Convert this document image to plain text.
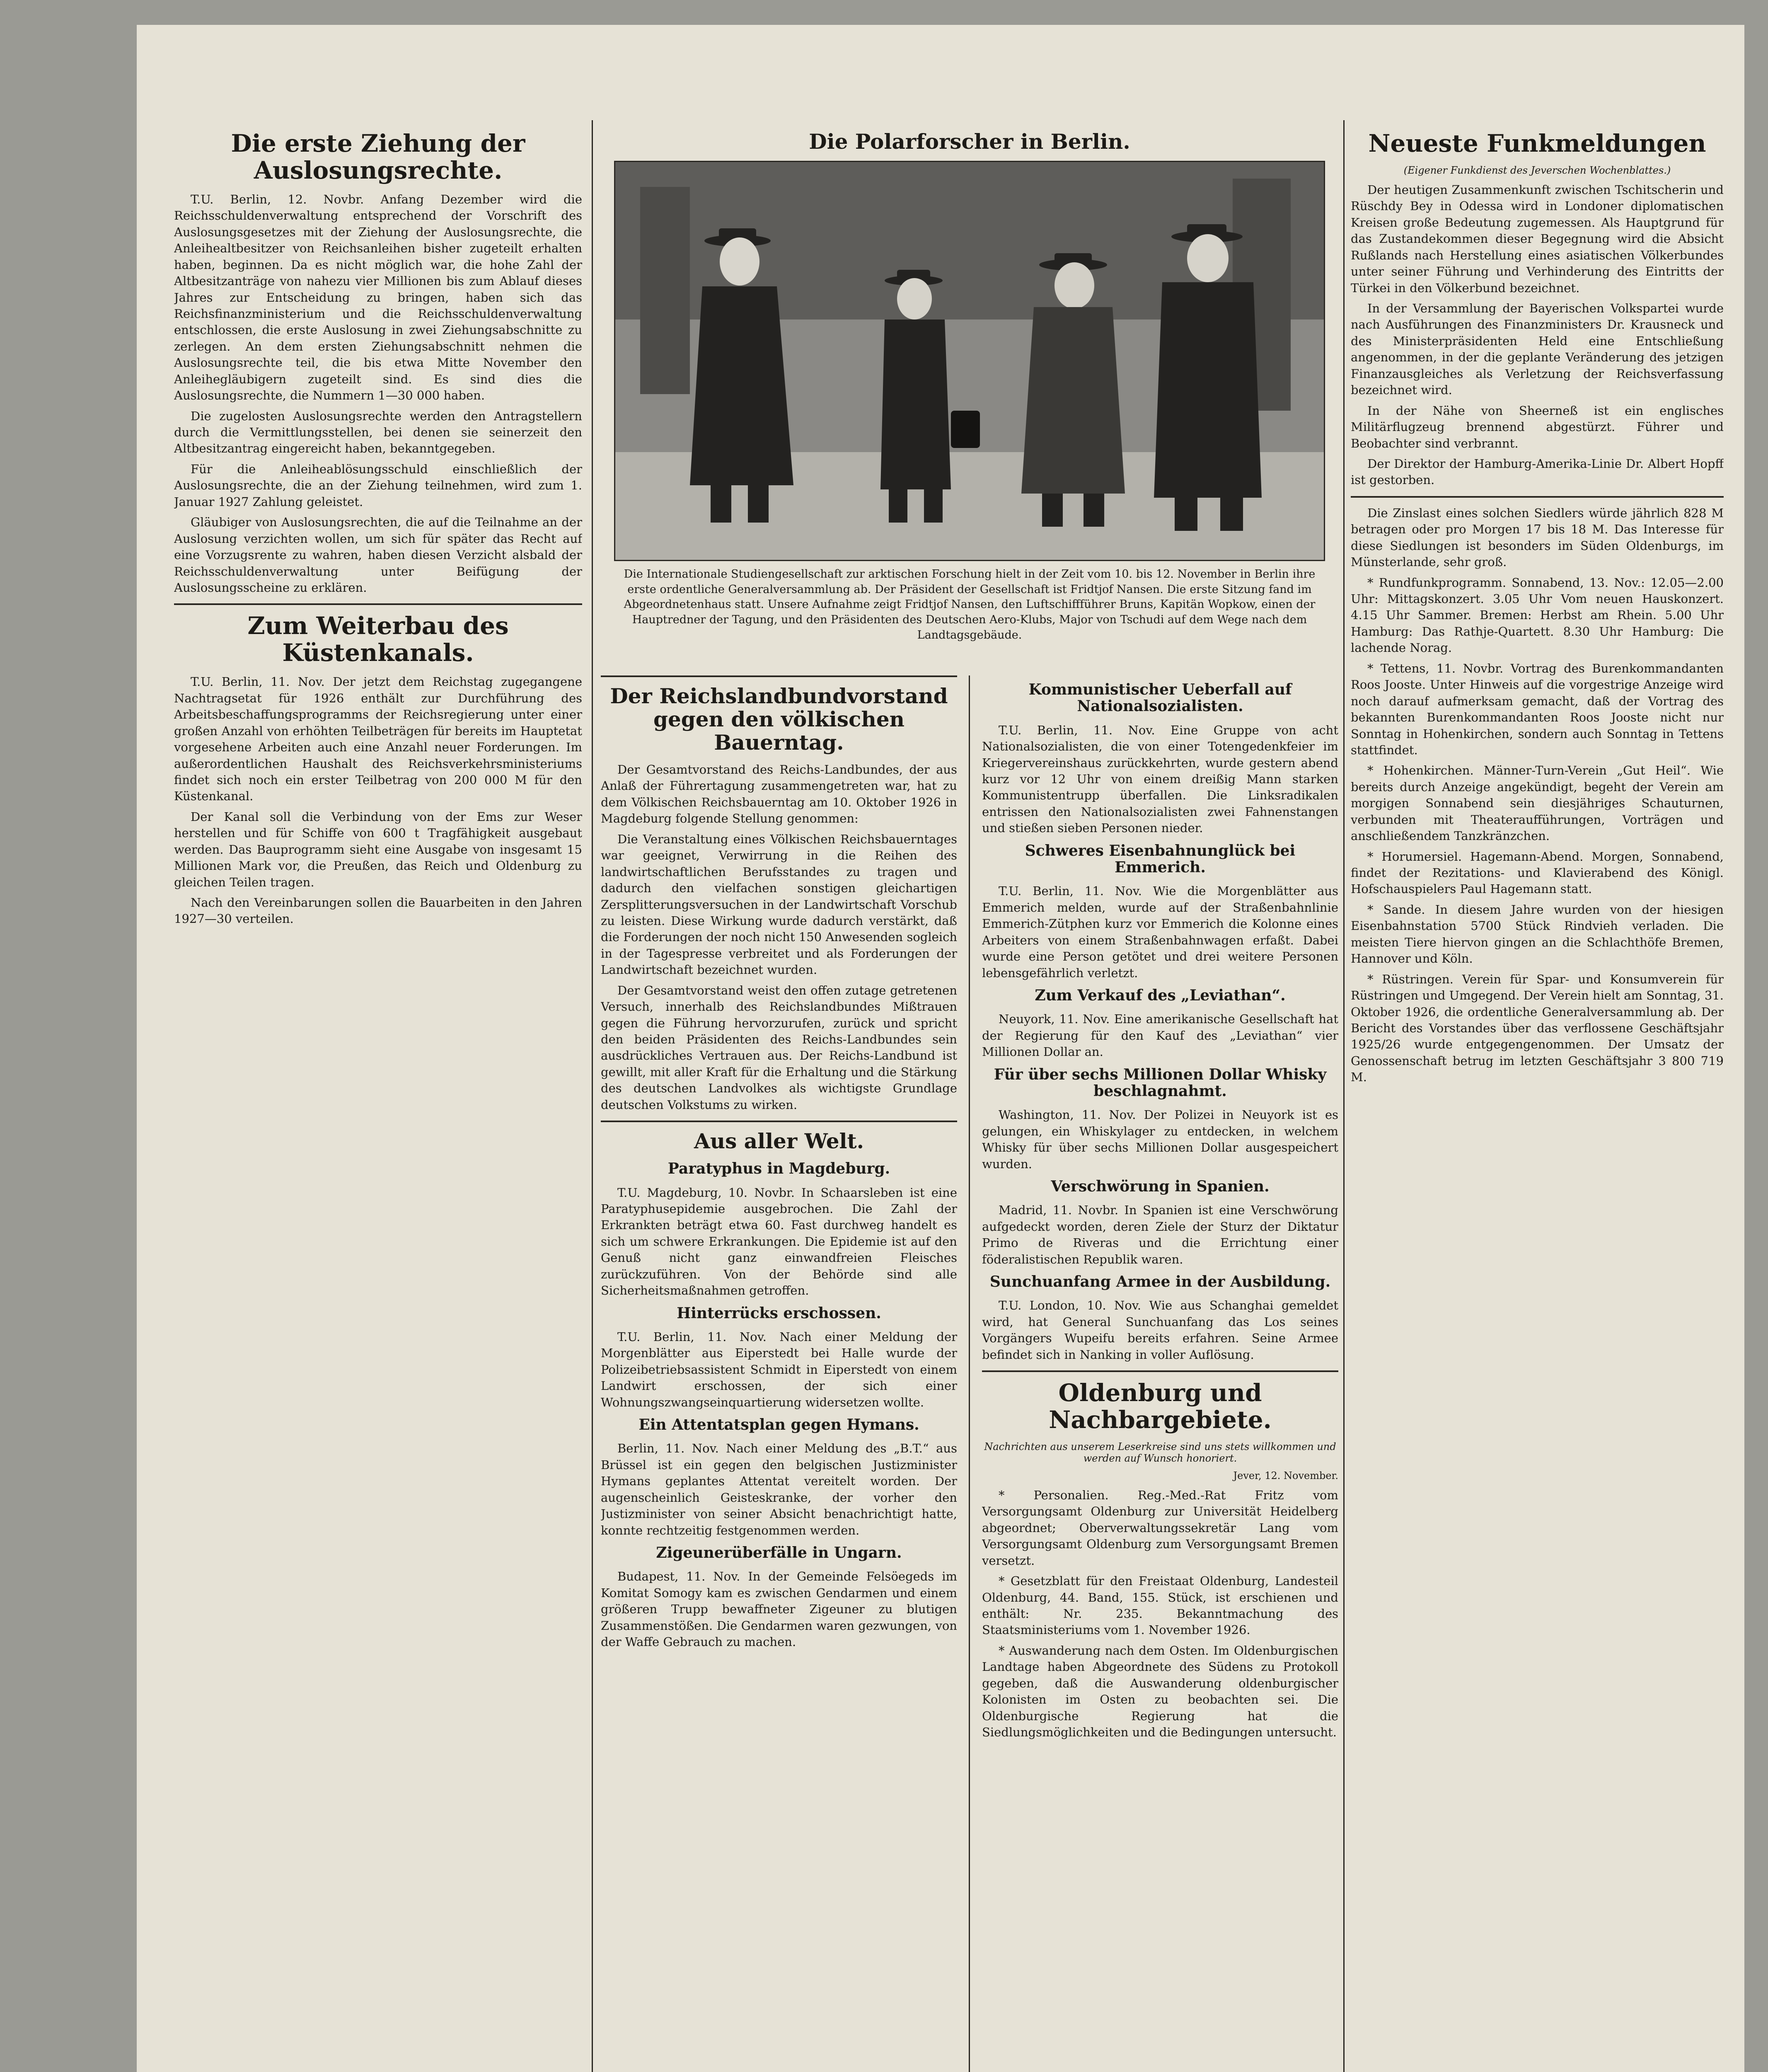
Die erste Ziehung der Auslosungsrechte.

T.U. Berlin, 12. Novbr. Anfang Dezember wird die Reichsschuldenverwaltung entsprechend der Vorschrift des Auslosungsgesetzes mit der Ziehung der Auslosungsrechte, die Anleihealtbesitzer von Reichsanleihen bisher zugeteilt erhalten haben, beginnen. Da es nicht möglich war, die hohe Zahl der Altbesitzanträge von nahezu vier Millionen bis zum Ablauf dieses Jahres zur Entscheidung zu bringen, haben sich das Reichsfinanzministerium und die Reichsschuldenverwaltung entschlossen, die erste Auslosung in zwei Ziehungsabschnitte zu zerlegen. An dem ersten Ziehungsabschnitt nehmen die Auslosungsrechte teil, die bis etwa Mitte November den Anleihegläubigern zugeteilt sind. Es sind dies die Auslosungsrechte, die Nummern 1—30 000 haben.

Die zugelosten Auslosungsrechte werden den Antragstellern durch die Vermittlungsstellen, bei denen sie seinerzeit den Altbesitzantrag eingereicht haben, bekanntgegeben.

Für die Anleiheablösungsschuld einschließlich der Auslosungsrechte, die an der Ziehung teilnehmen, wird zum 1. Januar 1927 Zahlung geleistet.

Gläubiger von Auslosungsrechten, die auf die Teilnahme an der Auslosung verzichten wollen, um sich für später das Recht auf eine Vorzugsrente zu wahren, haben diesen Verzicht alsbald der Reichsschuldenverwaltung unter Beifügung der Auslosungsscheine zu erklären.

Zum Weiterbau des Küstenkanals.

T.U. Berlin, 11. Nov. Der jetzt dem Reichstag zugegangene Nachtragsetat für 1926 enthält zur Durchführung des Arbeitsbeschaffungsprogramms der Reichsregierung unter einer großen Anzahl von erhöhten Teilbeträgen für bereits im Hauptetat vorgesehene Arbeiten auch eine Anzahl neuer Forderungen. Im außerordentlichen Haushalt des Reichsverkehrsministeriums findet sich noch ein erster Teilbetrag von 200 000 M für den Küstenkanal.

Der Kanal soll die Verbindung von der Ems zur Weser herstellen und für Schiffe von 600 t Tragfähigkeit ausgebaut werden. Das Bauprogramm sieht eine Ausgabe von insgesamt 15 Millionen Mark vor, die Preußen, das Reich und Oldenburg zu gleichen Teilen tragen.

Nach den Vereinbarungen sollen die Bauarbeiten in den Jahren 1927—30 verteilen.

Die Polarforscher in Berlin.
Die Internationale Studiengesellschaft zur arktischen Forschung hielt in der Zeit vom 10. bis 12. November in Berlin ihre erste ordentliche Generalversammlung ab. Der Präsident der Gesellschaft ist Fridtjof Nansen. Die erste Sitzung fand im Abgeordnetenhaus statt. Unsere Aufnahme zeigt Fridtjof Nansen, den Luftschiffführer Bruns, Kapitän Wopkow, einen der Hauptredner der Tagung, und den Präsidenten des Deutschen Aero-Klubs, Major von Tschudi auf dem Wege nach dem Landtagsgebäude.
Der Reichslandbundvorstand gegen den völkischen Bauerntag.

Der Gesamtvorstand des Reichs-Landbundes, der aus Anlaß der Führertagung zusammengetreten war, hat zu dem Völkischen Reichsbauerntag am 10. Oktober 1926 in Magdeburg folgende Stellung genommen:

Die Veranstaltung eines Völkischen Reichsbauerntages war geeignet, Verwirrung in die Reihen des landwirtschaftlichen Berufsstandes zu tragen und dadurch den vielfachen sonstigen gleichartigen Zersplitterungsversuchen in der Landwirtschaft Vorschub zu leisten. Diese Wirkung wurde dadurch verstärkt, daß die Forderungen der noch nicht 150 Anwesenden sogleich in der Tagespresse verbreitet und als Forderungen der Landwirtschaft bezeichnet wurden.

Der Gesamtvorstand weist den offen zutage getretenen Versuch, innerhalb des Reichslandbundes Mißtrauen gegen die Führung hervorzurufen, zurück und spricht den beiden Präsidenten des Reichs-Landbundes sein ausdrückliches Vertrauen aus. Der Reichs-Landbund ist gewillt, mit aller Kraft für die Erhaltung und die Stärkung des deutschen Landvolkes als wichtigste Grundlage deutschen Volkstums zu wirken.

Aus aller Welt.
Paratyphus in Magdeburg.

T.U. Magdeburg, 10. Novbr. In Schaarsleben ist eine Paratyphusepidemie ausgebrochen. Die Zahl der Erkrankten beträgt etwa 60. Fast durchweg handelt es sich um schwere Erkrankungen. Die Epidemie ist auf den Genuß nicht ganz einwandfreien Fleisches zurückzuführen. Von der Behörde sind alle Sicherheitsmaßnahmen getroffen.

Hinterrücks erschossen.

T.U. Berlin, 11. Nov. Nach einer Meldung der Morgenblätter aus Eiperstedt bei Halle wurde der Polizeibetriebsassistent Schmidt in Eiperstedt von einem Landwirt erschossen, der sich einer Wohnungszwangseinquartierung widersetzen wollte.

Ein Attentatsplan gegen Hymans.

Berlin, 11. Nov. Nach einer Meldung des „B.T.“ aus Brüssel ist ein gegen den belgischen Justizminister Hymans geplantes Attentat vereitelt worden. Der augenscheinlich Geisteskranke, der vorher den Justizminister von seiner Absicht benachrichtigt hatte, konnte rechtzeitig festgenommen werden.

Zigeunerüberfälle in Ungarn.

Budapest, 11. Nov. In der Gemeinde Felsöegeds im Komitat Somogy kam es zwischen Gendarmen und einem größeren Trupp bewaffneter Zigeuner zu blutigen Zusammenstößen. Die Gendarmen waren gezwungen, von der Waffe Gebrauch zu machen.

Kommunistischer Ueberfall auf Nationalsozialisten.

T.U. Berlin, 11. Nov. Eine Gruppe von acht Nationalsozialisten, die von einer Totengedenkfeier im Kriegervereinshaus zurückkehrten, wurde gestern abend kurz vor 12 Uhr von einem dreißig Mann starken Kommunistentrupp überfallen. Die Linksradikalen entrissen den Nationalsozialisten zwei Fahnenstangen und stießen sieben Personen nieder.

Schweres Eisenbahnunglück bei Emmerich.

T.U. Berlin, 11. Nov. Wie die Morgenblätter aus Emmerich melden, wurde auf der Straßenbahnlinie Emmerich-Zütphen kurz vor Emmerich die Kolonne eines Arbeiters von einem Straßenbahnwagen erfaßt. Dabei wurde eine Person getötet und drei weitere Personen lebensgefährlich verletzt.

Zum Verkauf des „Leviathan“.

Neuyork, 11. Nov. Eine amerikanische Gesellschaft hat der Regierung für den Kauf des „Leviathan“ vier Millionen Dollar an.

Für über sechs Millionen Dollar Whisky beschlagnahmt.

Washington, 11. Nov. Der Polizei in Neuyork ist es gelungen, ein Whiskylager zu entdecken, in welchem Whisky für über sechs Millionen Dollar ausgespeichert wurden.

Verschwörung in Spanien.

Madrid, 11. Novbr. In Spanien ist eine Verschwörung aufgedeckt worden, deren Ziele der Sturz der Diktatur Primo de Riveras und die Errichtung einer föderalistischen Republik waren.

Sunchuanfang Armee in der Ausbildung.

T.U. London, 10. Nov. Wie aus Schanghai gemeldet wird, hat General Sunchuanfang das Los seines Vorgängers Wupeifu bereits erfahren. Seine Armee befindet sich in Nanking in voller Auflösung.

Oldenburg und Nachbargebiete.
Nachrichten aus unserem Leserkreise sind uns stets willkommen und werden auf Wunsch honoriert.
Jever, 12. November.

* Personalien. Reg.-Med.-Rat Fritz vom Versorgungsamt Oldenburg zur Universität Heidelberg abgeordnet; Oberverwaltungssekretär Lang vom Versorgungsamt Oldenburg zum Versorgungsamt Bremen versetzt.

* Gesetzblatt für den Freistaat Oldenburg, Landesteil Oldenburg, 44. Band, 155. Stück, ist erschienen und enthält: Nr. 235. Bekanntmachung des Staatsministeriums vom 1. November 1926.

* Auswanderung nach dem Osten. Im Oldenburgischen Landtage haben Abgeordnete des Südens zu Protokoll gegeben, daß die Auswanderung oldenburgischer Kolonisten im Osten zu beobachten sei. Die Oldenburgische Regierung hat die Siedlungsmöglichkeiten und die Bedingungen untersucht.

Neueste Funkmeldungen
(Eigener Funkdienst des Jeverschen Wochenblattes.)

Der heutigen Zusammenkunft zwischen Tschitscherin und Rüschdy Bey in Odessa wird in Londoner diplomatischen Kreisen große Bedeutung zugemessen. Als Hauptgrund für das Zustandekommen dieser Begegnung wird die Absicht Rußlands nach Herstellung eines asiatischen Völkerbundes unter seiner Führung und Verhinderung des Eintritts der Türkei in den Völkerbund bezeichnet.

In der Versammlung der Bayerischen Volkspartei wurde nach Ausführungen des Finanzministers Dr. Krausneck und des Ministerpräsidenten Held eine Entschließung angenommen, in der die geplante Veränderung des jetzigen Finanzausgleiches als Verletzung der Reichsverfassung bezeichnet wird.

In der Nähe von Sheerneß ist ein englisches Militärflugzeug brennend abgestürzt. Führer und Beobachter sind verbrannt.

Der Direktor der Hamburg-Amerika-Linie Dr. Albert Hopff ist gestorben.

Die Zinslast eines solchen Siedlers würde jährlich 828 M betragen oder pro Morgen 17 bis 18 M. Das Interesse für diese Siedlungen ist besonders im Süden Oldenburgs, im Münsterlande, sehr groß.

* Rundfunkprogramm. Sonnabend, 13. Nov.: 12.05—2.00 Uhr: Mittagskonzert. 3.05 Uhr Vom neuen Hauskonzert. 4.15 Uhr Sammer. Bremen: Herbst am Rhein. 5.00 Uhr Hamburg: Das Rathje-Quartett. 8.30 Uhr Hamburg: Die lachende Norag.

* Tettens, 11. Novbr. Vortrag des Burenkommandanten Roos Jooste. Unter Hinweis auf die vorgestrige Anzeige wird noch darauf aufmerksam gemacht, daß der Vortrag des bekannten Burenkommandanten Roos Jooste nicht nur Sonntag in Hohenkirchen, sondern auch Sonntag in Tettens stattfindet.

* Hohenkirchen. Männer-Turn-Verein „Gut Heil“. Wie bereits durch Anzeige angekündigt, begeht der Verein am morgigen Sonnabend sein diesjähriges Schauturnen, verbunden mit Theateraufführungen, Vorträgen und anschließendem Tanzkränzchen.

* Horumersiel. Hagemann-Abend. Morgen, Sonnabend, findet der Rezitations- und Klavierabend des Königl. Hofschauspielers Paul Hagemann statt.

* Sande. In diesem Jahre wurden von der hiesigen Eisenbahnstation 5700 Stück Rindvieh verladen. Die meisten Tiere hiervon gingen an die Schlachthöfe Bremen, Hannover und Köln.

* Rüstringen. Verein für Spar- und Konsumverein für Rüstringen und Umgegend. Der Verein hielt am Sonntag, 31. Oktober 1926, die ordentliche Generalversammlung ab. Der Bericht des Vorstandes über das verflossene Geschäftsjahr 1925/26 wurde entgegengenommen. Der Umsatz der Genossenschaft betrug im letzten Geschäftsjahr 3 800 719 M.
